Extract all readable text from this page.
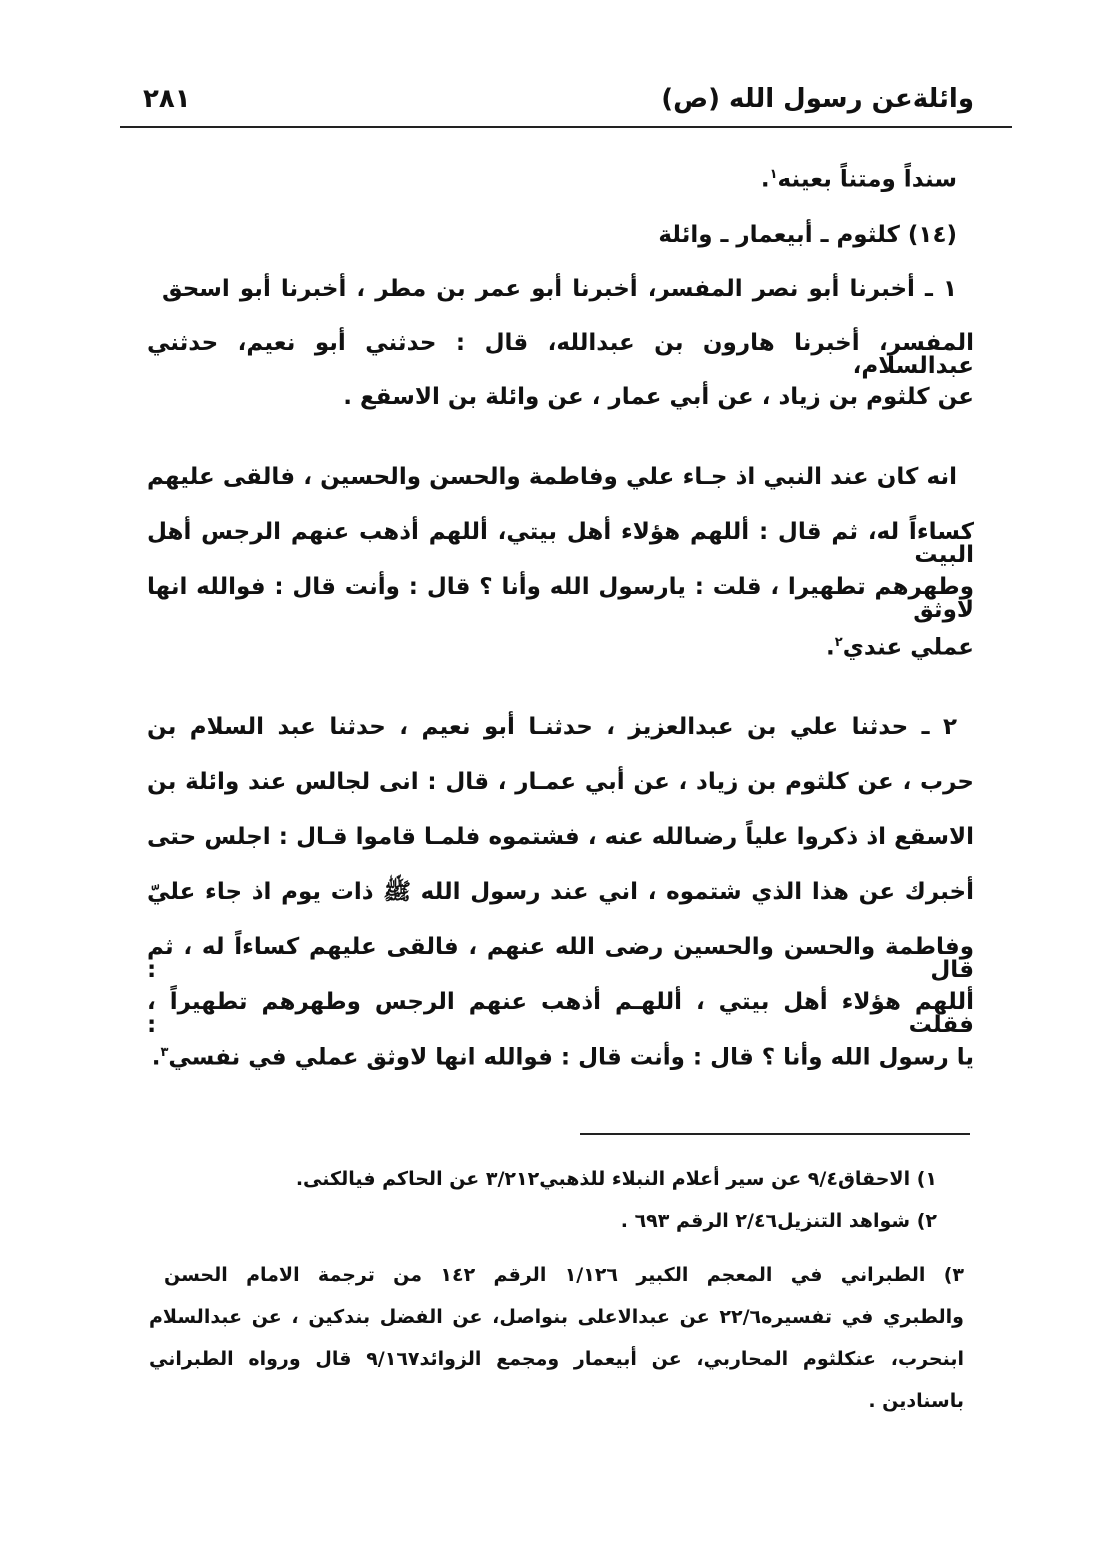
وائلةعن رسول الله (ص)
٢٨١
سنداً ومتناً بعينه$^١$.
(١٤) كلثوم ـ أبيعمار ـ وائلة
١ ـ أخبرنا أبو نصر المفسر، أخبرنا أبو عمر بن مطر ، أخبرنا أبو اسحق
المفسر، أخبرنا هارون بن عبدالله، قال : حدثني أبو نعيم، حدثني عبدالسلام،
عن كلثوم بن زياد ، عن أبي عمار ، عن وائلة بن الاسقع .
انه كان عند النبي اذ جـاء علي وفاطمة والحسن والحسين ، فالقى عليهم
كساءاً له، ثم قال : أللهم هؤلاء أهل بيتي، أللهم أذهب عنهم الرجس أهل البيت
وطهرهم تطهيرا ، قلت : يارسول الله وأنا ؟ قال : وأنت قال : فوالله انها لاوثق
عملي عندي$^٢$.
٢ ـ حدثنا علي بن عبدالعزيز ، حدثنـا أبو نعيم ، حدثنا عبد السلام بن
حرب ، عن كلثوم بن زياد ، عن أبي عمـار ، قال : انى لجالس عند وائلة بن
الاسقع اذ ذكروا علياً رضىالله عنه ، فشتموه فلمـا قاموا قـال : اجلس حتى
أخبرك عن هذا الذي شتموه ، اني عند رسول الله ﷺ ذات يوم اذ جاء عليّ
وفاطمة والحسن والحسين رضى الله عنهم ، فالقى عليهم كساءاً له ، ثم قال :
أللهم هؤلاء أهل بيتي ، أللهـم أذهب عنهم الرجس وطهرهم تطهيراً ، فقلت :
يا رسول الله وأنا ؟ قال : وأنت قال : فوالله انها لاوثق عملي في نفسي$^٣$.
١) الاحقاق٩/٤ عن سير أعلام النبلاء للذهبي٣/٢١٢ عن الحاكم فيالكنى.
٢) شواهد التنزيل٢/٤٦ الرقم ٦٩٣ .
٣) الطبراني في المعجم الكبير ١/١٢٦ الرقم ١٤٢ من ترجمة الامام الحسن
والطبري في تفسيره٢٢/٦ عن عبدالاعلى بنواصل، عن الفضل بندكين ، عن عبدالسلام
ابنحرب، عنكلثوم المحاربي، عن أبيعمار ومجمع الزوائد٩/١٦٧ قال ورواه الطبراني
باسنادين .
